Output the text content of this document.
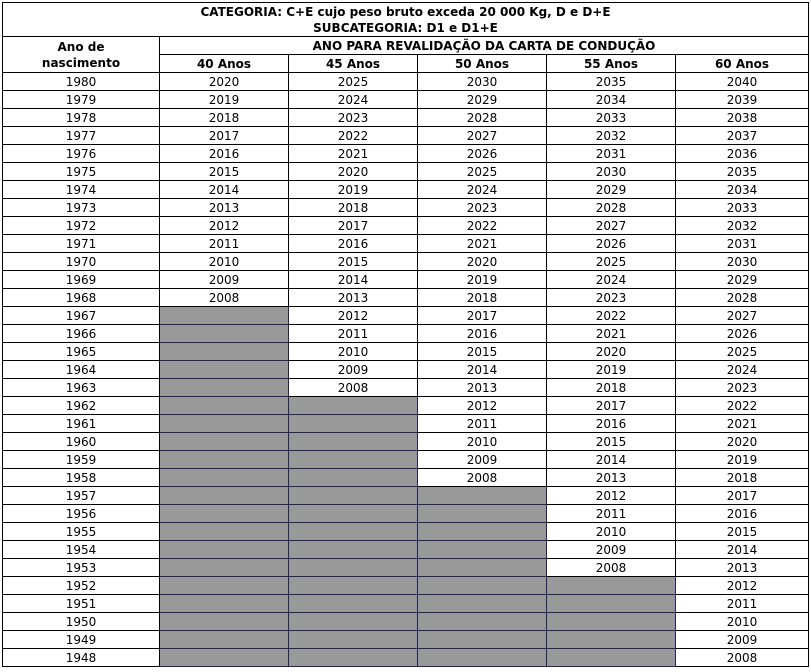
CATEGORIA: C+E cujo peso bruto exceda 20 000 Kg, D e D+E
SUBCATEGORIA: D1 e D1+E					

Ano de
nascimento	ANO PARA REVALIDAÇÃO DA CARTA DE CONDUÇÃO				
	40 Anos	45 Anos	50 Anos	55 Anos	60 Anos
1980	2020	2025	2030	2035	2040
1979	2019	2024	2029	2034	2039
1978	2018	2023	2028	2033	2038
1977	2017	2022	2027	2032	2037
1976	2016	2021	2026	2031	2036
1975	2015	2020	2025	2030	2035
1974	2014	2019	2024	2029	2034
1973	2013	2018	2023	2028	2033
1972	2012	2017	2022	2027	2032
1971	2011	2016	2021	2026	2031
1970	2010	2015	2020	2025	2030
1969	2009	2014	2019	2024	2029
1968	2008	2013	2018	2023	2028
1967		2012	2017	2022	2027
1966		2011	2016	2021	2026
1965		2010	2015	2020	2025
1964		2009	2014	2019	2024
1963		2008	2013	2018	2023
1962			2012	2017	2022
1961			2011	2016	2021
1960			2010	2015	2020
1959			2009	2014	2019
1958			2008	2013	2018
1957				2012	2017
1956				2011	2016
1955				2010	2015
1954				2009	2014
1953				2008	2013
1952					2012
1951					2011
1950					2010
1949					2009
1948					2008
